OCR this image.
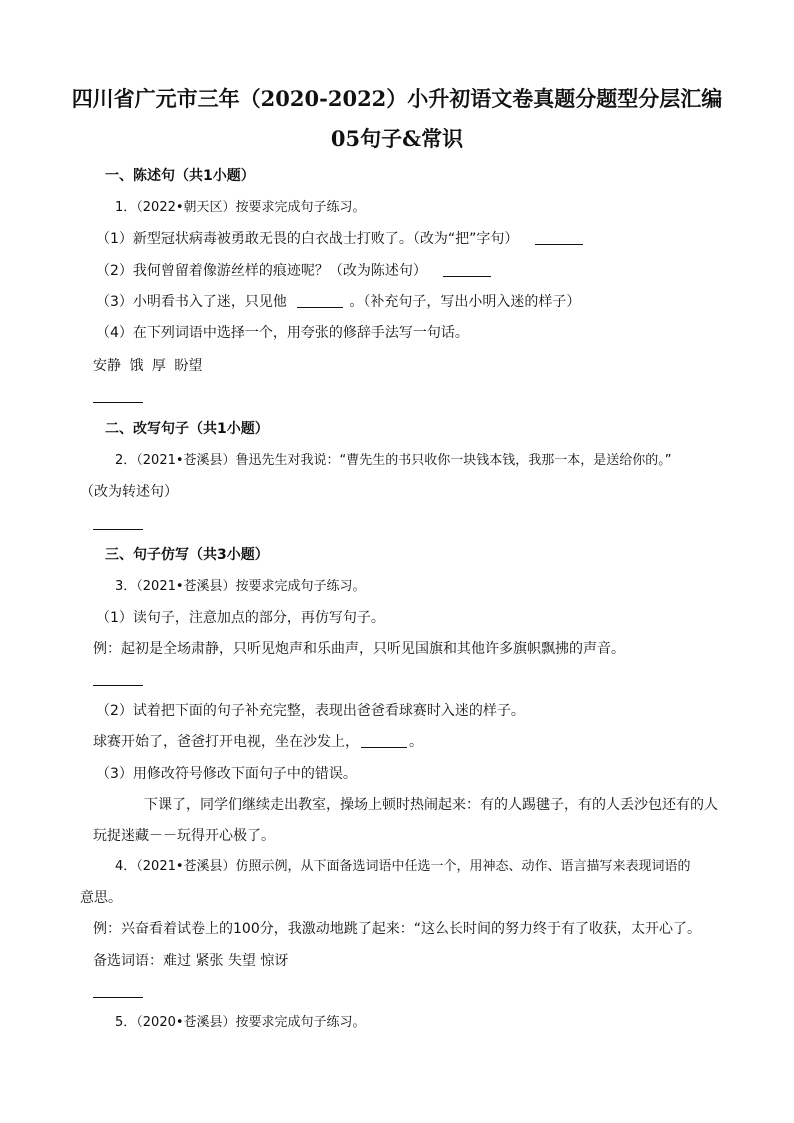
四川省广元市三年（2020-2022）小升初语文卷真题分题型分层汇编
05句子&常识
一、陈述句（共1小题）
1．（2022•朝天区）按要求完成句子练习。
（1）新型冠状病毒被勇敢无畏的白衣战士打败了。（改为“把”字句）
（2）我何曾留着像游丝样的痕迹呢？（改为陈述句）
（3）小明看书入了迷，只见他	。（补充句子，写出小明入迷的样子）
（4）在下列词语中选择一个，用夸张的修辞手法写一句话。
安静 饿 厚 盼望
二、改写句子（共1小题）
2．（2021•苍溪县）鲁迅先生对我说：“曹先生的书只收你一块钱本钱，我那一本，是送给你的。”
（改为转述句）
三、句子仿写（共3小题）
3．（2021•苍溪县）按要求完成句子练习。
（1）读句子，注意加点的部分，再仿写句子。
例：起初是全场肃静，只听见炮声和乐曲声，只听见国旗和其他许多旗帜飘拂的声音。
（2）试着把下面的句子补充完整，表现出爸爸看球赛时入迷的样子。
球赛开始了，爸爸打开电视，坐在沙发上，	。
（3）用修改符号修改下面句子中的错误。
下课了，同学们继续走出教室，操场上顿时热闹起来：有的人踢毽子，有的人丢沙包还有的人
玩捉迷藏－－玩得开心极了。
4．（2021•苍溪县）仿照示例，从下面备选词语中任选一个，用神态、动作、语言描写来表现词语的
意思。
例：兴奋看着试卷上的100分，我激动地跳了起来：“这么长时间的努力终于有了收获，太开心了。
备选词语：难过 紧张 失望 惊讶
5．（2020•苍溪县）按要求完成句子练习。
